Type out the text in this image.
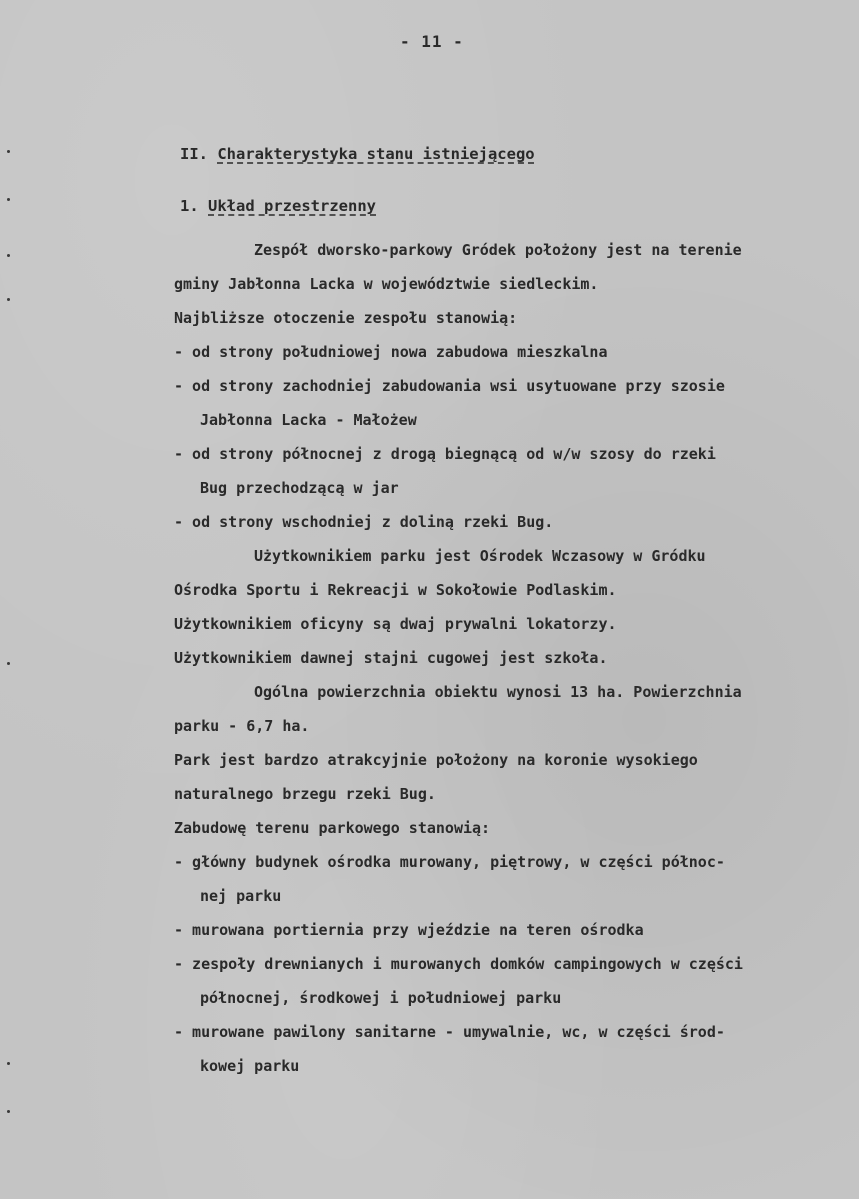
- 11 -
II. Charakterystyka stanu istniejącego
1. Układ przestrzenny
Zespół dworsko-parkowy Gródek położony jest na terenie
gminy Jabłonna Lacka w województwie siedleckim.
Najbliższe otoczenie zespołu stanowią:
- od strony południowej nowa zabudowa mieszkalna
- od strony zachodniej zabudowania wsi usytuowane przy szosie
Jabłonna Lacka - Małożew
- od strony północnej z drogą biegnącą od w/w szosy do rzeki
Bug przechodzącą w jar
- od strony wschodniej z doliną rzeki Bug.
Użytkownikiem parku jest Ośrodek Wczasowy w Gródku
Ośrodka Sportu i Rekreacji w Sokołowie Podlaskim.
Użytkownikiem oficyny są dwaj prywalni lokatorzy.
Użytkownikiem dawnej stajni cugowej jest szkoła.
Ogólna powierzchnia obiektu wynosi 13 ha. Powierzchnia
parku - 6,7 ha.
Park jest bardzo atrakcyjnie położony na koronie wysokiego
naturalnego brzegu rzeki Bug.
Zabudowę terenu parkowego stanowią:
- główny budynek ośrodka murowany, piętrowy, w części północ-
nej parku
- murowana portiernia przy wjeździe na teren ośrodka
- zespoły drewnianych i murowanych domków campingowych w części
północnej, środkowej i południowej parku
- murowane pawilony sanitarne - umywalnie, wc, w części środ-
kowej parku
